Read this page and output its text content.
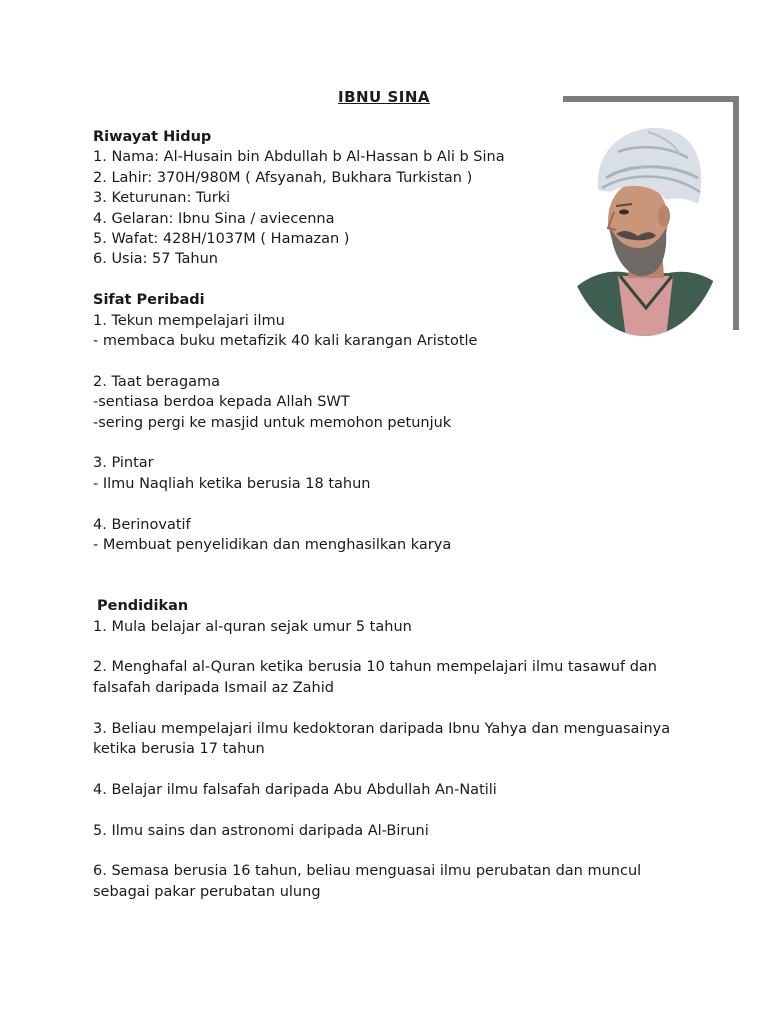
IBNU SINA
Riwayat Hidup
1. Nama: Al-Husain bin Abdullah b Al-Hassan b Ali b Sina
2. Lahir: 370H/980M ( Afsyanah, Bukhara Turkistan )
3. Keturunan: Turki
4. Gelaran: Ibnu Sina / aviecenna
5. Wafat: 428H/1037M ( Hamazan )
6. Usia: 57 Tahun
Sifat Peribadi
1. Tekun mempelajari ilmu
- membaca buku metafizik 40 kali karangan Aristotle
2. Taat beragama
-sentiasa berdoa kepada Allah SWT
-sering pergi ke masjid untuk memohon petunjuk
3. Pintar
- Ilmu Naqliah ketika berusia 18 tahun
4. Berinovatif
- Membuat penyelidikan dan menghasilkan karya
Pendidikan
1. Mula belajar al-quran sejak umur 5 tahun
2. Menghafal al-Quran ketika berusia 10 tahun mempelajari ilmu tasawuf dan falsafah daripada Ismail az Zahid
3. Beliau mempelajari ilmu kedoktoran daripada Ibnu Yahya dan menguasainya ketika berusia 17 tahun
4. Belajar ilmu falsafah daripada Abu Abdullah An-Natili
5. Ilmu sains dan astronomi daripada Al-Biruni
6. Semasa berusia 16 tahun, beliau menguasai ilmu perubatan dan muncul sebagai pakar perubatan ulung
